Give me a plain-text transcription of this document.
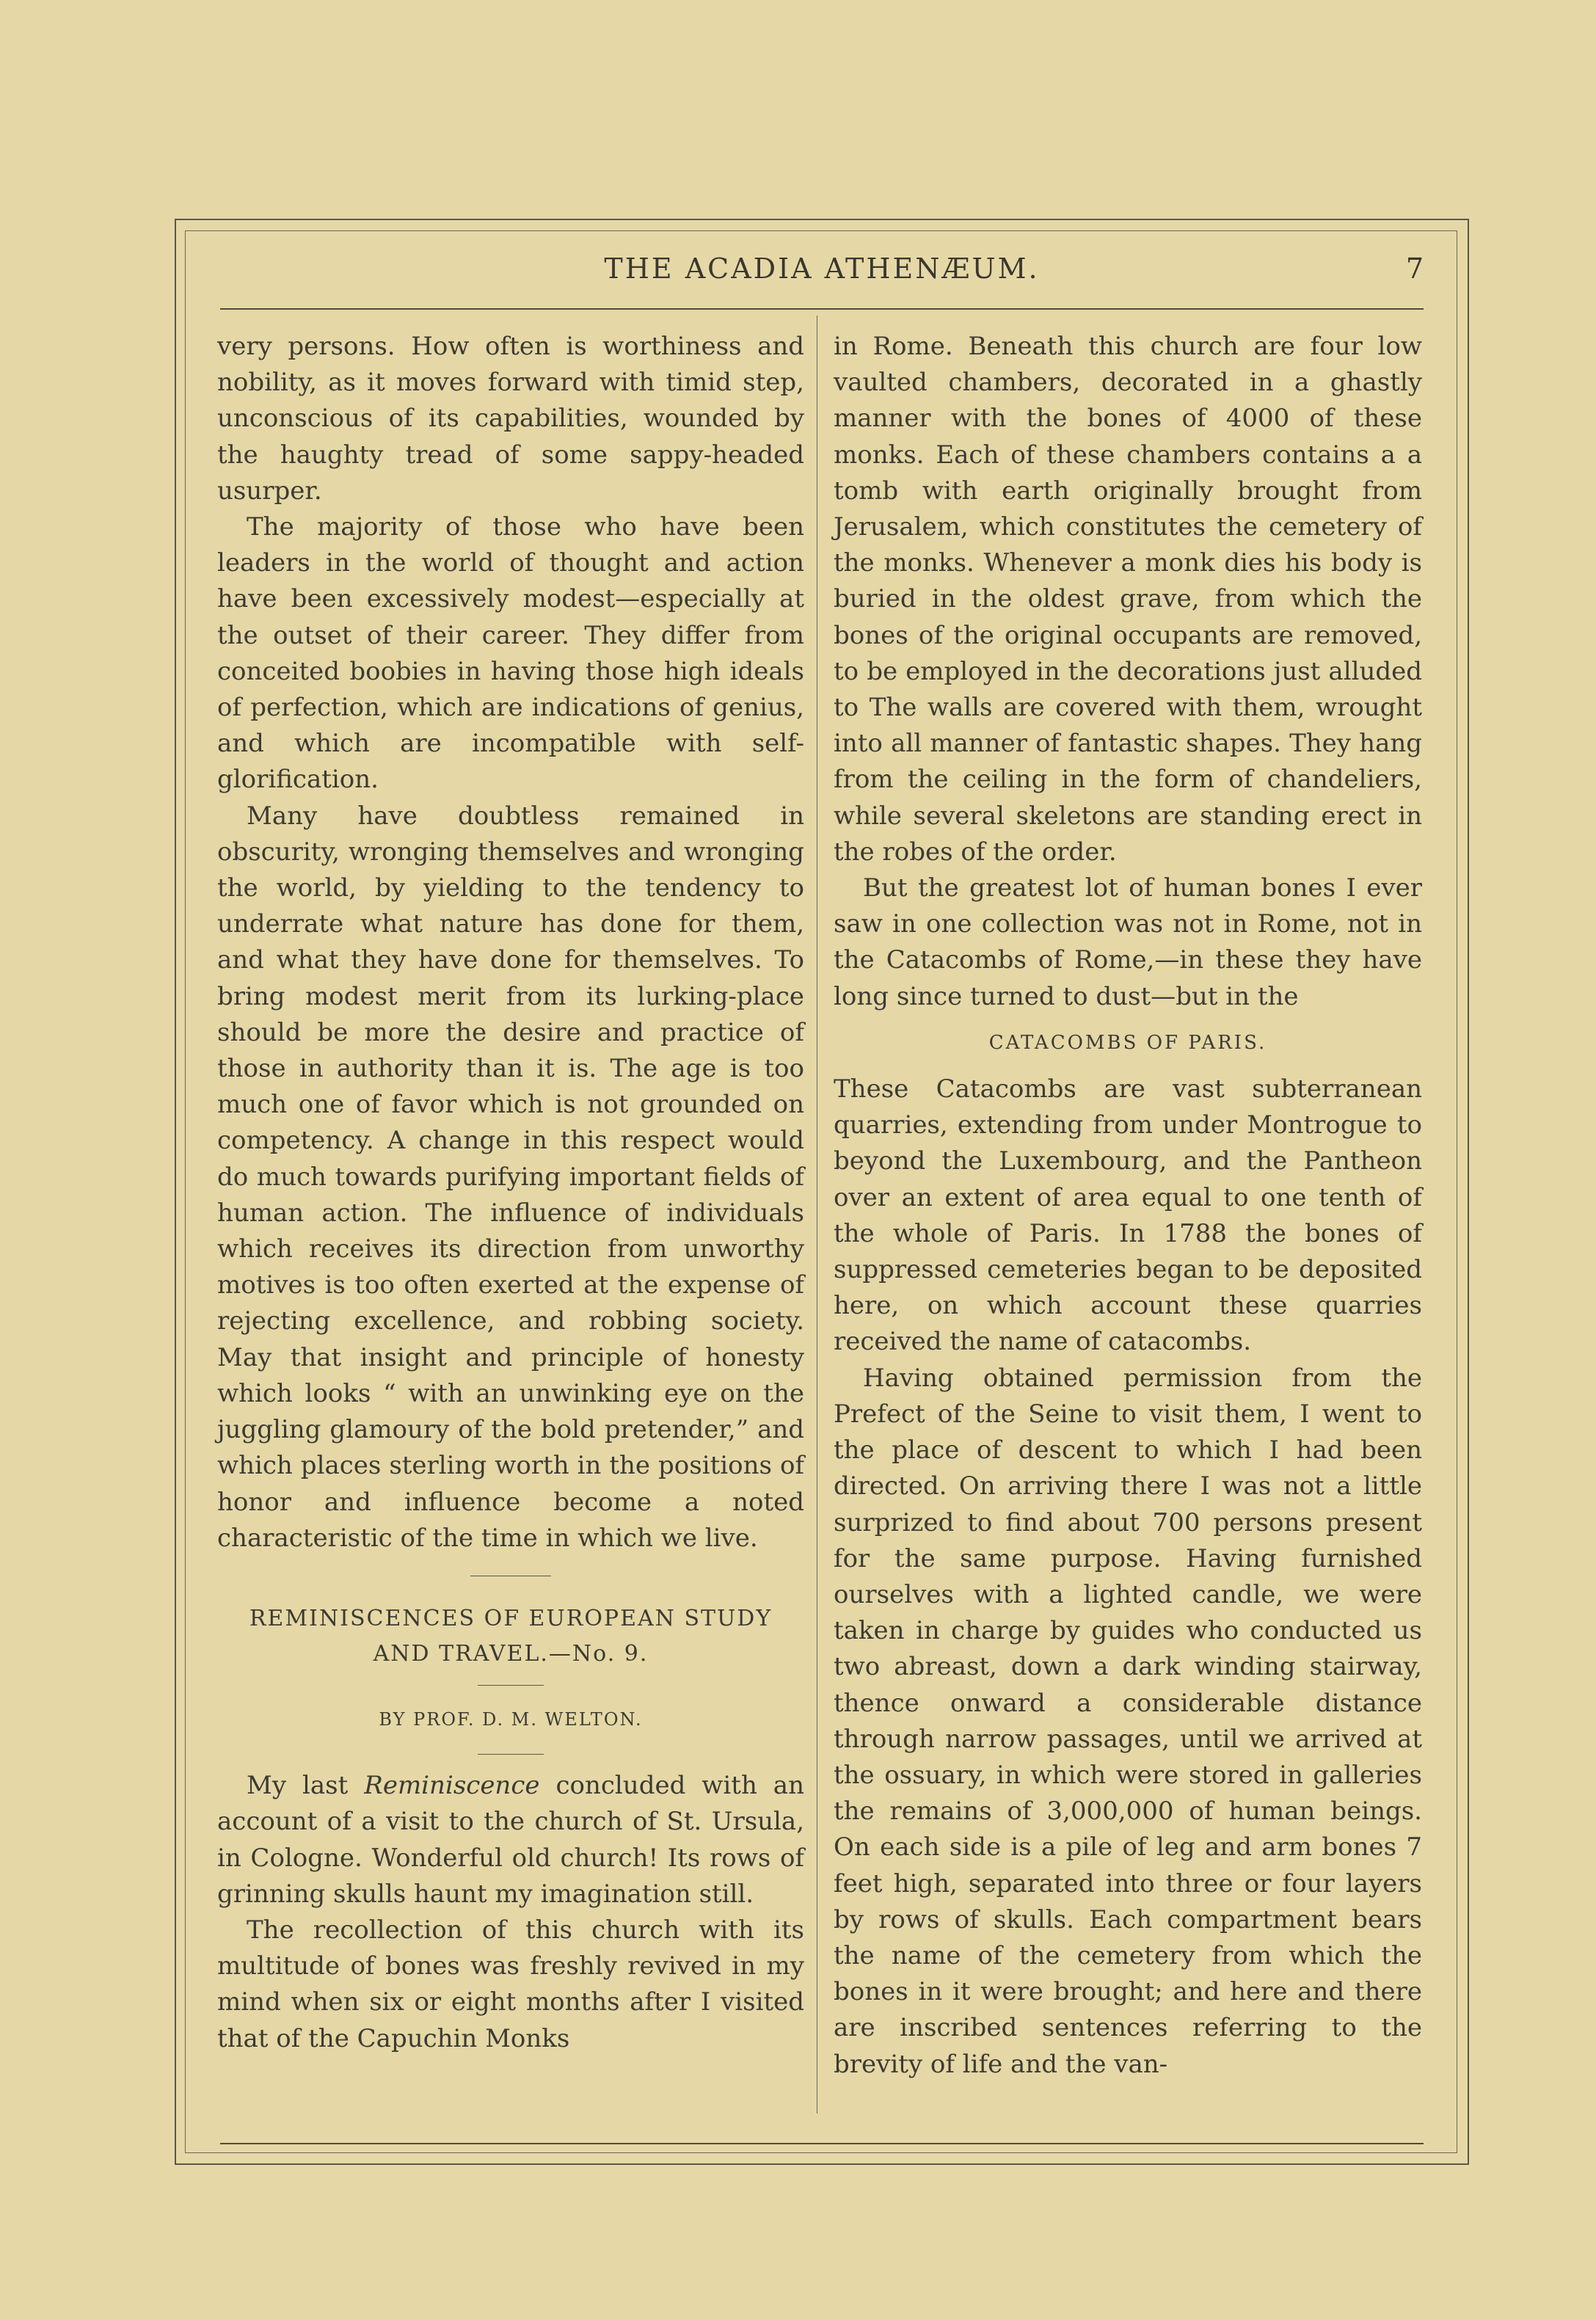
THE ACADIA ATHENÆUM.	7

very persons. How often is worthiness and nobility, as it moves forward with timid step, unconscious of its capabilities, wounded by the haughty tread of some sappy-headed usurper.

The majority of those who have been leaders in the world of thought and action have been excessively modest—especially at the outset of their career. They differ from conceited boobies in having those high ideals of perfection, which are indications of genius, and which are incompatible with self-glorification.

Many have doubtless remained in obscurity, wronging themselves and wronging the world, by yielding to the tendency to underrate what nature has done for them, and what they have done for themselves. To bring modest merit from its lurking-place should be more the desire and practice of those in authority than it is. The age is too much one of favor which is not grounded on competency. A change in this respect would do much towards purifying important fields of human action. The influence of individuals which receives its direction from unworthy motives is too often exerted at the expense of rejecting excellence, and robbing society. May that insight and principle of honesty which looks “ with an unwinking eye on the juggling glamoury of the bold pretender,” and which places sterling worth in the positions of honor and influence become a noted characteristic of the time in which we live.

REMINISCENCES OF EUROPEAN STUDY
AND TRAVEL.—No. 9.
BY PROF. D. M. WELTON.

My last Reminiscence concluded with an account of a visit to the church of St. Ursula, in Cologne. Wonderful old church! Its rows of grinning skulls haunt my imagination still.

The recollection of this church with its multitude of bones was freshly revived in my mind when six or eight months after I visited that of the Capuchin Monks

in Rome. Beneath this church are four low vaulted chambers, decorated in a ghastly manner with the bones of 4000 of these monks. Each of these chambers contains a a tomb with earth originally brought from Jerusalem, which constitutes the cemetery of the monks. Whenever a monk dies his body is buried in the oldest grave, from which the bones of the original occupants are removed, to be employed in the decorations just alluded to The walls are covered with them, wrought into all manner of fantastic shapes. They hang from the ceiling in the form of chandeliers, while several skeletons are standing erect in the robes of the order.

But the greatest lot of human bones I ever saw in one collection was not in Rome, not in the Catacombs of Rome,—in these they have long since turned to dust—but in the

CATACOMBS OF PARIS.

These Catacombs are vast subterranean quarries, extending from under Montrogue to beyond the Luxembourg, and the Pantheon over an extent of area equal to one tenth of the whole of Paris. In 1788 the bones of suppressed cemeteries began to be deposited here, on which account these quarries received the name of catacombs.

Having obtained permission from the Prefect of the Seine to visit them, I went to the place of descent to which I had been directed. On arriving there I was not a little surprized to find about 700 persons present for the same purpose. Having furnished ourselves with a lighted candle, we were taken in charge by guides who conducted us two abreast, down a dark winding stairway, thence onward a considerable distance through narrow passages, until we arrived at the ossuary, in which were stored in galleries the remains of 3,000,000 of human beings. On each side is a pile of leg and arm bones 7 feet high, separated into three or four layers by rows of skulls. Each compartment bears the name of the cemetery from which the bones in it were brought; and here and there are inscribed sentences referring to the brevity of life and the van-
